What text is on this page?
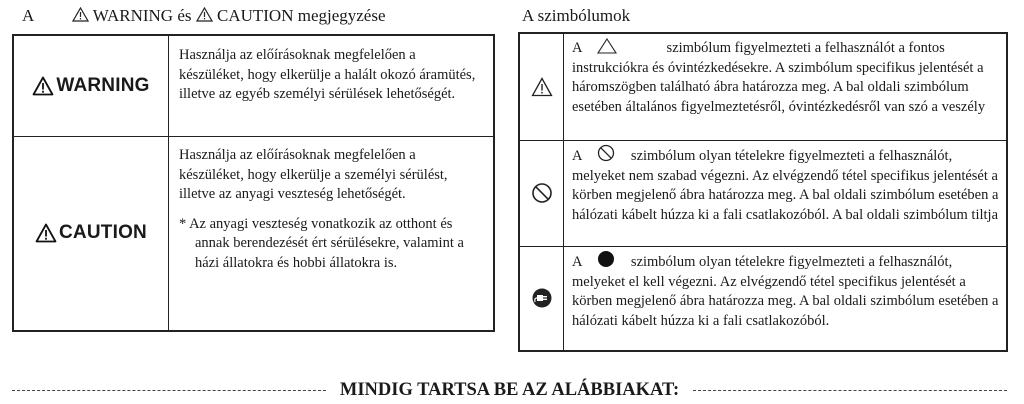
A	WARNING és CAUTION megjegyzése	A szimbólumok
WARNING
Használja az előírásoknak megfelelően a készüléket, hogy elkerülje a halált okozó áramütés, illetve az egyéb személyi sérülések lehetőségét.
CAUTION
Használja az előírásoknak megfelelően a készüléket, hogy elkerülje a személyi sérülést, illetve az anyagi veszteség lehetőségét.
* Az anyagi veszteség vonatkozik az otthont és annak berendezését ért sérülésekre, valamint a házi állatokra és hobbi állatokra is.
A	szimbólum figyelmezteti a felhasználót a fontos instrukciókra és óvintézkedésekre. A szimbólum specifikus jelentését a háromszögben található ábra határozza meg. A bal oldali szimbólum esetében általános figyelmeztetésről, óvintézkedésről van szó a veszély
A	szimbólum olyan tételekre figyelmezteti a felhasználót, melyeket nem szabad végezni. Az elvégzendő tétel specifikus jelentését a körben megjelenő ábra határozza meg. A bal oldali szimbólum esetében a hálózati kábelt húzza ki a fali csatlakozóból. A bal oldali szimbólum tiltja
A	szimbólum olyan tételekre figyelmezteti a felhasználót, melyeket el kell végezni. Az elvégzendő tétel specifikus jelentését a körben megjelenő ábra határozza meg. A bal oldali szimbólum esetében a hálózati kábelt húzza ki a fali csatlakozóból.
MINDIG TARTSA BE AZ ALÁBBIAKAT:
